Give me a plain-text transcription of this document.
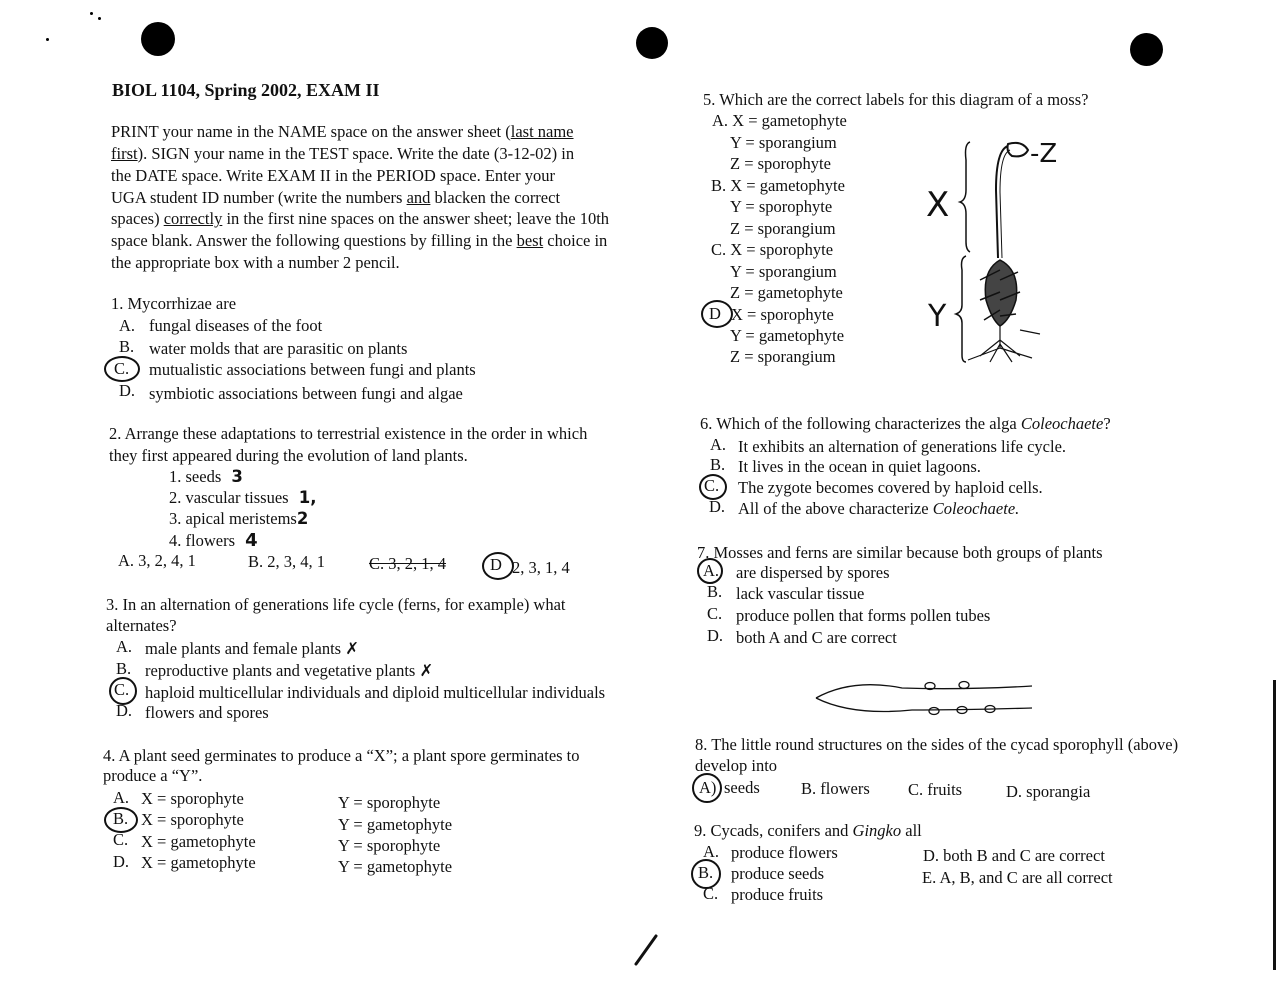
BIOL 1104, Spring 2002, EXAM II
PRINT your name in the NAME space on the answer sheet (last name
first). SIGN your name in the TEST space. Write the date (3-12-02) in
the DATE space. Write EXAM II in the PERIOD space. Enter your
UGA student ID number (write the numbers and blacken the correct
spaces) correctly in the first nine spaces on the answer sheet; leave the 10th
space blank. Answer the following questions by filling in the best choice in
the appropriate box with a number 2 pencil.
1. Mycorrhizae are
A. fungal diseases of the foot
B. water molds that are parasitic on plants
C. mutualistic associations between fungi and plants
D. symbiotic associations between fungi and algae
2. Arrange these adaptations to terrestrial existence in the order in which
they first appeared during the evolution of land plants.
1. seeds 3
2. vascular tissues 1,
3. apical meristems2
4. flowers 4
A. 3, 2, 4, 1	B. 2, 3, 4, 1	C. 3, 2, 1, 4	D 2, 3, 1, 4
3. In an alternation of generations life cycle (ferns, for example) what
alternates?
A. male plants and female plants ✗
B. reproductive plants and vegetative plants ✗
C. haploid multicellular individuals and diploid multicellular individuals
D. flowers and spores
4. A plant seed germinates to produce a “X”; a plant spore germinates to
produce a “Y”.
A. X = sporophyte	Y = sporophyte
B. X = sporophyte	Y = gametophyte
C. X = gametophyte	Y = sporophyte
D. X = gametophyte	Y = gametophyte
5. Which are the correct labels for this diagram of a moss?
A. X = gametophyte
Y = sporangium
Z = sporophyte
B. X = gametophyte
Y = sporophyte
Z = sporangium
C. X = sporophyte
Y = sporangium
Z = gametophyte
D X = sporophyte
Y = gametophyte
Z = sporangium
X
Y
-Z
6. Which of the following characterizes the alga Coleochaete?
A. It exhibits an alternation of generations life cycle.
B. It lives in the ocean in quiet lagoons.
C. The zygote becomes covered by haploid cells.
D. All of the above characterize Coleochaete.
7. Mosses and ferns are similar because both groups of plants
A. are dispersed by spores
B. lack vascular tissue
C. produce pollen that forms pollen tubes
D. both A and C are correct
8. The little round structures on the sides of the cycad sporophyll (above)
develop into
A) seeds	B. flowers C. fruits	D. sporangia
9. Cycads, conifers and Gingko all
A. produce flowers
B. produce seeds
C. produce fruits
D. both B and C are correct
E. A, B, and C are all correct
